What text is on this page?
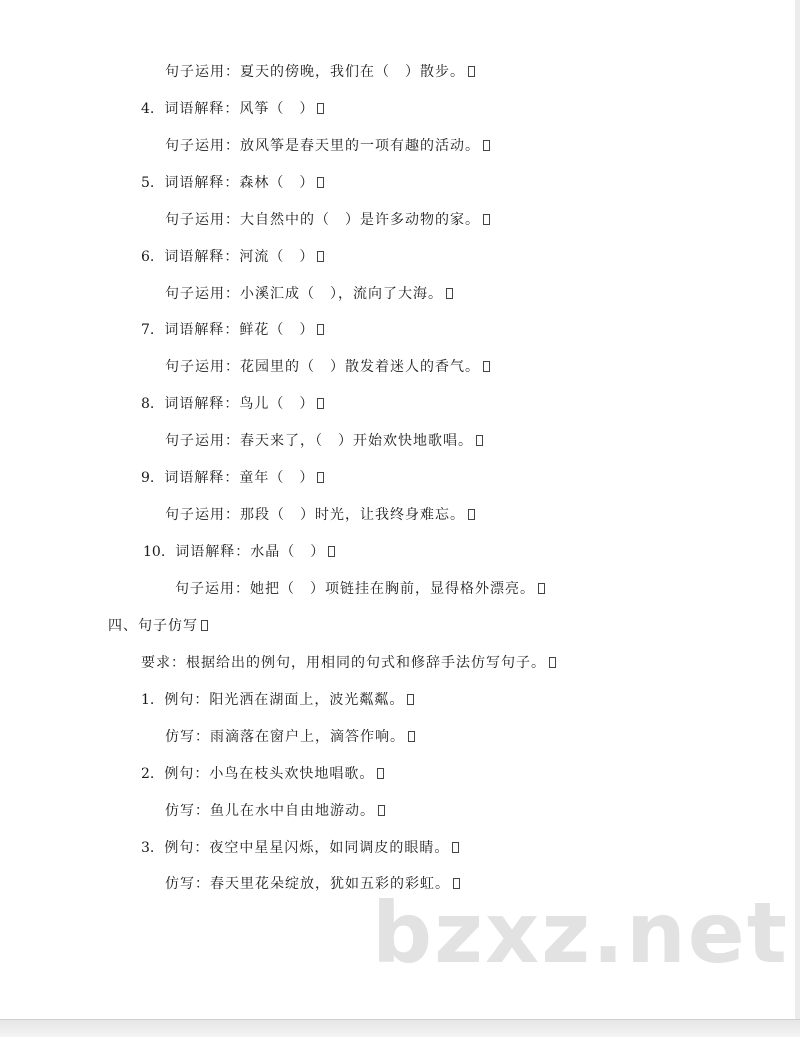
句子运用：夏天的傍晚，我们在（　）散步。
4. 词语解释：风筝（　）
句子运用：放风筝是春天里的一项有趣的活动。
5. 词语解释：森林（　）
句子运用：大自然中的（　）是许多动物的家。
6. 词语解释：河流（　）
句子运用：小溪汇成（　），流向了大海。
7. 词语解释：鲜花（　）
句子运用：花园里的（　）散发着迷人的香气。
8. 词语解释：鸟儿（　）
句子运用：春天来了，（　）开始欢快地歌唱。
9. 词语解释：童年（　）
句子运用：那段（　）时光，让我终身难忘。
10. 词语解释：水晶（　）
句子运用：她把（　）项链挂在胸前，显得格外漂亮。
四、句子仿写
要求：根据给出的例句，用相同的句式和修辞手法仿写句子。
1. 例句：阳光洒在湖面上，波光粼粼。
仿写：雨滴落在窗户上，滴答作响。
2. 例句：小鸟在枝头欢快地唱歌。
仿写：鱼儿在水中自由地游动。
3. 例句：夜空中星星闪烁，如同调皮的眼睛。
仿写：春天里花朵绽放，犹如五彩的彩虹。
bzxz.net
